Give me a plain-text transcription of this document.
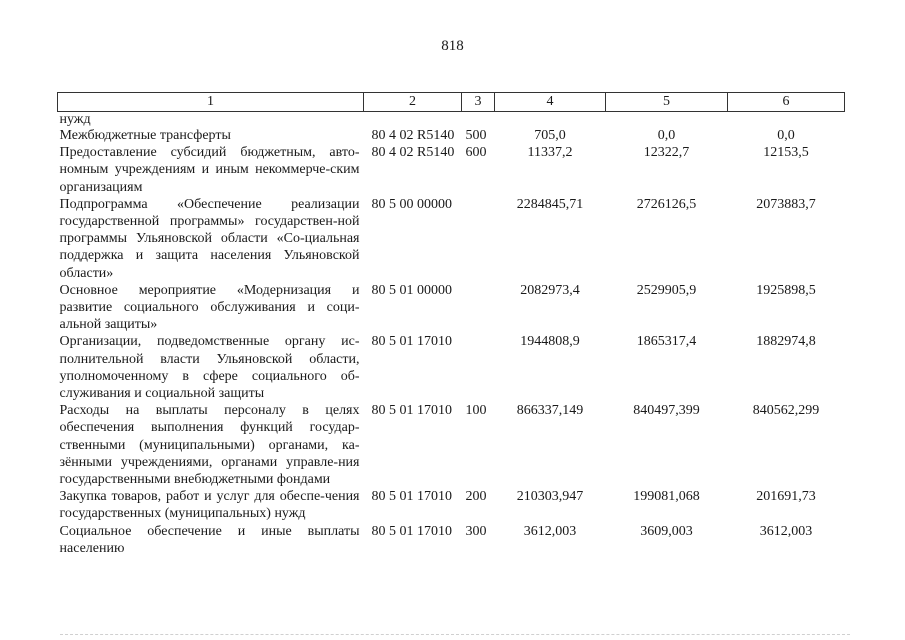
818
1	2	3	4	5	6
нужд					
Межбюджетные трансферты	80 4 02 R5140	500	705,0	0,0	0,0
Предоставление субсидий бюджетным, авто-номным учреждениям и иным некоммерче-ским организациям	80 4 02 R5140	600	11337,2	12322,7	12153,5
Подпрограмма «Обеспечение реализации государственной программы» государствен-ной программы Ульяновской области «Со-циальная поддержка и защита населения Ульяновской области»	80 5 00 00000		2284845,71	2726126,5	2073883,7
Основное мероприятие «Модернизация и развитие социального обслуживания и соци-альной защиты»	80 5 01 00000		2082973,4	2529905,9	1925898,5
Организации, подведомственные органу ис-полнительной власти Ульяновской области, уполномоченному в сфере социального об-служивания и социальной защиты	80 5 01 17010		1944808,9	1865317,4	1882974,8
Расходы на выплаты персоналу в целях обеспечения выполнения функций государ-ственными (муниципальными) органами, ка-зёнными учреждениями, органами управле-ния государственными внебюджетными фондами	80 5 01 17010	100	866337,149	840497,399	840562,299
Закупка товаров, работ и услуг для обеспе-чения государственных (муниципальных) нужд	80 5 01 17010	200	210303,947	199081,068	201691,73
Социальное обеспечение и иные выплаты населению	80 5 01 17010	300	3612,003	3609,003	3612,003
